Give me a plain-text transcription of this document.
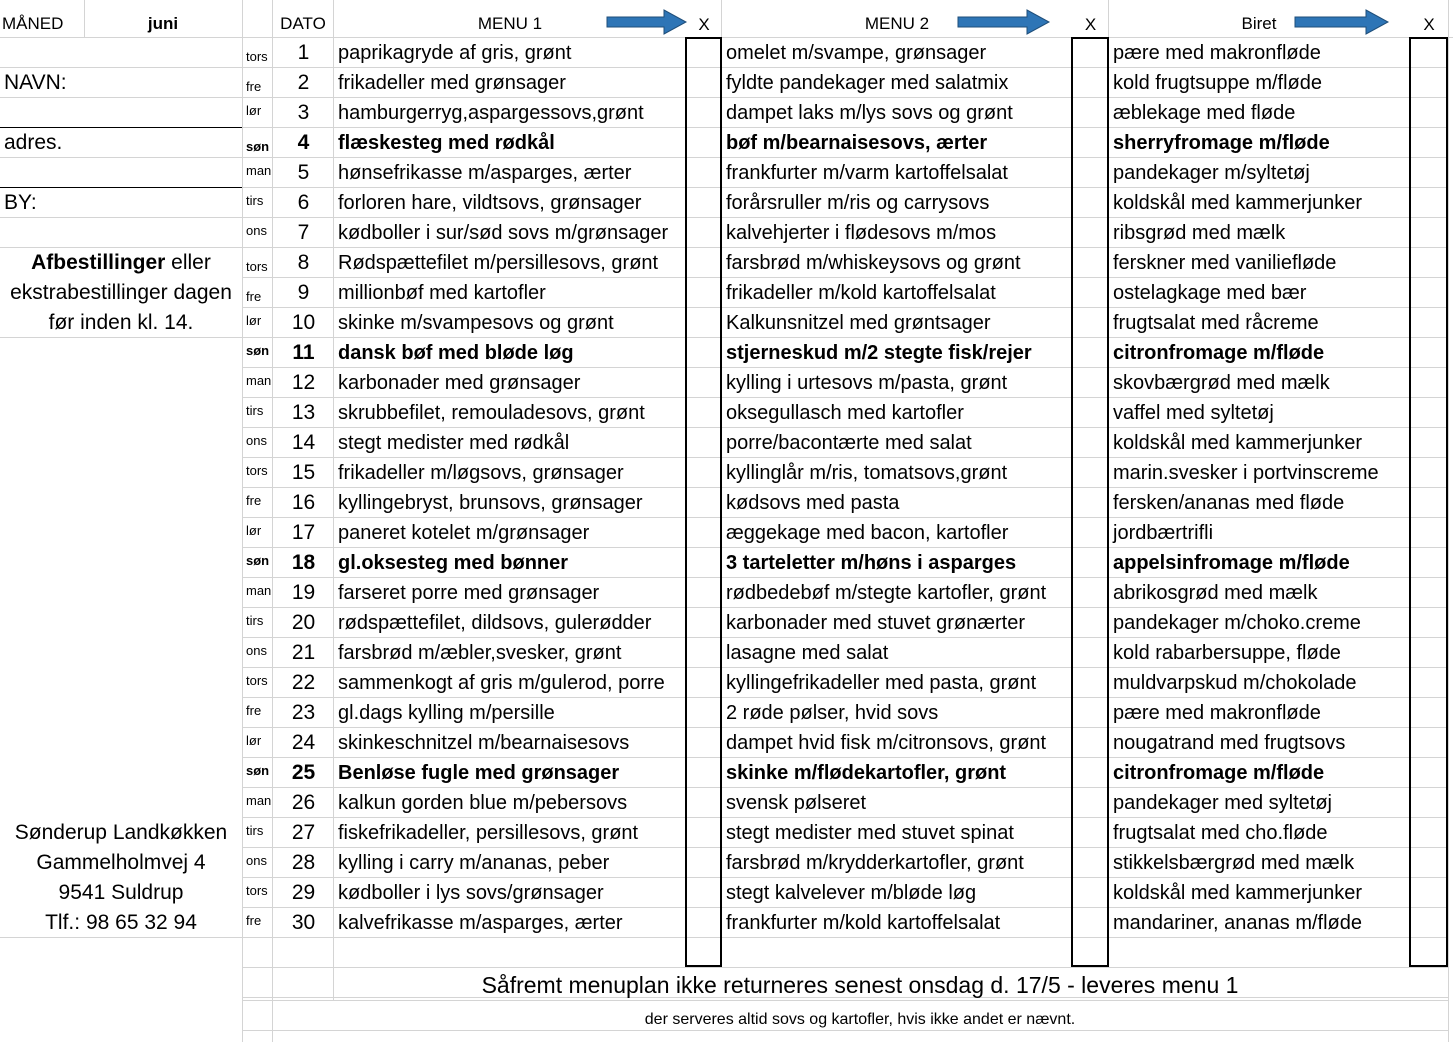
MÅNED	juni	DATO	MENU 1	X	MENU 2	X	Biret	X
NAVN:
adres.
BY:
Afbestillinger eller
ekstrabestillinger dagen
før inden kl. 14.
Sønderup Landkøkken
Gammelholmvej 4
9541 Suldrup
Tlf.: 98 65 32 94
tors	1	paprikagryde af gris, grønt	omelet m/svampe, grønsager	pære med makronfløde
fre	2	frikadeller med grønsager	fyldte pandekager med salatmix	kold frugtsuppe m/fløde
lør	3	hamburgerryg,aspargessovs,grønt	dampet laks m/lys sovs og grønt	æblekage med fløde
søn	4	flæskesteg med rødkål	bøf m/bearnaisesovs, ærter	sherryfromage m/fløde
man	5	hønsefrikasse m/asparges, ærter	frankfurter m/varm kartoffelsalat	pandekager m/syltetøj
tirs	6	forloren hare, vildtsovs, grønsager	forårsruller m/ris og carrysovs	koldskål med kammerjunker
ons	7	kødboller i sur/sød sovs m/grønsager	kalvehjerter i flødesovs m/mos	ribsgrød med mælk
tors	8	Rødspættefilet m/persillesovs, grønt	farsbrød m/whiskeysovs og grønt	ferskner med vaniliefløde
fre	9	millionbøf med kartofler	frikadeller m/kold kartoffelsalat	ostelagkage med bær
lør	10	skinke m/svampesovs og grønt	Kalkunsnitzel med grøntsager	frugtsalat med råcreme
søn	11	dansk bøf med bløde løg	stjerneskud m/2 stegte fisk/rejer	citronfromage m/fløde
man 12	karbonader med grønsager	kylling i urtesovs m/pasta, grønt	skovbærgrød med mælk
tirs	13	skrubbefilet, remouladesovs, grønt	oksegullasch med kartofler	vaffel med syltetøj
ons	14	stegt medister med rødkål	porre/bacontærte med salat	koldskål med kammerjunker
tors	15	frikadeller m/løgsovs, grønsager	kyllinglår m/ris, tomatsovs,grønt	marin.svesker i portvinscreme
fre	16	kyllingebryst, brunsovs, grønsager	kødsovs med pasta	fersken/ananas med fløde
lør	17	paneret kotelet m/grønsager	æggekage med bacon, kartofler	jordbærtrifli
søn	18	gl.oksesteg med bønner	3 tarteletter m/høns i asparges	appelsinfromage m/fløde
man 19	farseret porre med grønsager	rødbedebøf m/stegte kartofler, grønt	abrikosgrød med mælk
tirs	20	rødspættefilet, dildsovs, gulerødder	karbonader med stuvet grønærter	pandekager m/choko.creme
ons	21	farsbrød m/æbler,svesker, grønt	lasagne med salat	kold rabarbersuppe, fløde
tors	22	sammenkogt af gris m/gulerod, porre	kyllingefrikadeller med pasta, grønt	muldvarpskud m/chokolade
fre	23	gl.dags kylling m/persille	2 røde pølser, hvid sovs	pære med makronfløde
lør	24	skinkeschnitzel m/bearnaisesovs	dampet hvid fisk m/citronsovs, grønt	nougatrand med frugtsovs
søn	25	Benløse fugle med grønsager	skinke m/flødekartofler, grønt	citronfromage m/fløde
man 26	kalkun gorden blue m/pebersovs	svensk pølseret	pandekager med syltetøj
tirs	27	fiskefrikadeller, persillesovs, grønt	stegt medister med stuvet spinat	frugtsalat med cho.fløde
ons	28	kylling i carry m/ananas, peber	farsbrød m/krydderkartofler, grønt	stikkelsbærgrød med mælk
tors	29	kødboller i lys sovs/grønsager	stegt kalvelever m/bløde løg	koldskål med kammerjunker
fre	30	kalvefrikasse m/asparges, ærter	frankfurter m/kold kartoffelsalat	mandariner, ananas m/fløde
Såfremt menuplan ikke returneres senest onsdag d. 17/5 - leveres menu 1
der serveres altid sovs og kartofler, hvis ikke andet er nævnt.
